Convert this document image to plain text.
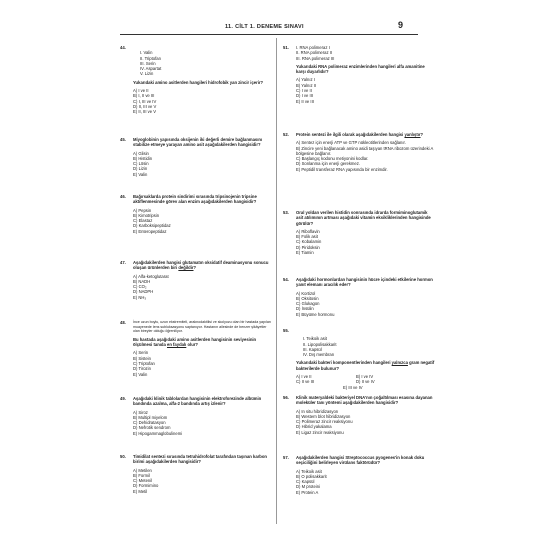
11. CİLT 1. DENEME SINAVI	9
44.
I. Valin
II. Triptofan
III. Serin
IV. Aspartat
V. Lizin
Yukarıdaki amino asitlerden hangileri hidrofobik yan zincir içerir?
A) I ve II
B) I, II ve III
C) I, III ve IV
D) II, III ve V
E) II, III ve V
45.	Miyoglobinin yapısında oksijenin iki değerli demire bağlanmasını stabilize etmeye yarayan amino asit aşağıdakilerden hangisidir?
A) Glisin
B) Histidin
C) Lösin
D) Lizin
E) Valin
46.	Bağırsaklarda protein sindirimi sırasında tripsinojenin tripsine aktiflenmesinde görev alan enzim aşağıdakilerden hangisidir?
A) Pepsin
B) Kimotripsin
C) Elastaz
D) Karboksipeptidaz
E) Enteropeptidaz
47.	Aşağıdakilerden hangisi glutamatın oksidatif deaminasyonu sonucu oluşan ürünlerden biri değildir?
A) Alfa-ketoglutarat
B) NADH
C) CO₂
D) NADPH
E) NH₃
48.	İnce uzun boylu, uzun ekstremiteli, araknodaktilisi ve skolyozu olan bir hastada yapılan muayenede lens subluksasyonu saptanıyor. Hastanın ailesinde de benzer şikâyetler olan bireyler olduğu öğreniliyor.
Bu hastada aşağıdaki amino asitlerden hangisinin seviyesinin ölçülmesi tanıda en faydalı olur?
A) Serin
B) Sistein
C) Triptofan
D) Tirozin
E) Valin
49.	Aşağıdaki klinik tablolardan hangisinin elektroforezinde albümin bandında azalma, alfa-2 bandında artış izlenir?
A) Siroz
B) Multipl miyelom
C) Dehidratasyon
D) Nefrotik sendrom
E) Hipogammaglobulinemi
50.	Timidilat sentezi sırasında tetrahidrofolat tarafından taşınan karbon birimi aşağıdakilerden hangisidir?
A) Metilen
B) Formil
C) Metenil
D) Formimino
E) Metil
51.	I. RNA polimeraz I
II. RNA polimeraz II
III. RNA polimeraz III
Yukarıdaki RNA polimeraz enzimlerinden hangileri alfa amanitine karşı duyarlıdır?
A) Yalnız I
B) Yalnız II
C) I ve II
D) I ve III
E) II ve III
52.	Protein sentezi ile ilgili olarak aşağıdakilerden hangisi yanlıştır?
A) Sentez için enerji ATP ve GTP nükleotitlerinden sağlanır.
B) Zincire yeni bağlanacak amino asidi taşıyan tRNA ribozom üzerindeki A bölgesine bağlanır.
C) Başlangıç kodonu metiyonini kodlar.
D) Sonlanma için enerji gerekmez.
E) Peptidil transferaz RNA yapısında bir enzimdir.
53.	Oral yoldan verilen histidin sonrasında idrarda formiminoglutamik asit atılımının artması aşağıdaki vitamin eksikliklerinden hangisinde görülür?
A) Riboflavin
B) Folik asit
C) Kobalamin
D) Piridoksin
E) Tiamin
54.	Aşağıdaki hormonlardan hangisinin hücre içindeki etkilerine hormon yanıt elemanı aracılık eder?
A) Kortizol
B) Oksitosin
C) Glukagon
D) İnsülin
E) Büyüme hormonu
55.
I. Teikoik asit
II. Lipopolisakkarit
III. Kapsül
IV. Dış membran
Yukarıdaki bakteri komponentlerinden hangileri yalnızca gram negatif bakterilerde bulunur?
A) I ve II	B) I ve IV
C) II ve III	D) II ve IV
E) III ve IV
56.	Klinik materyaldeki bakteriyel DNA'nın çoğaltılması esasına dayanan moleküler tanı yöntemi aşağıdakilerden hangisidir?
A) In situ hibridizasyon
B) Western blot hibridizasyon
C) Polimeraz zincir reaksiyonu
D) Hibrid yakalama
E) Ligaz zincir reaksiyonu
57.	Aşağıdakilerden hangisi Streptococcus pyogenes'in konak doku seçiciliğini belirleyen virülans faktörüdür?
A) Teikoik asit
B) O polisakkarit
C) Kapsül
D) M proteini
E) Protein A
